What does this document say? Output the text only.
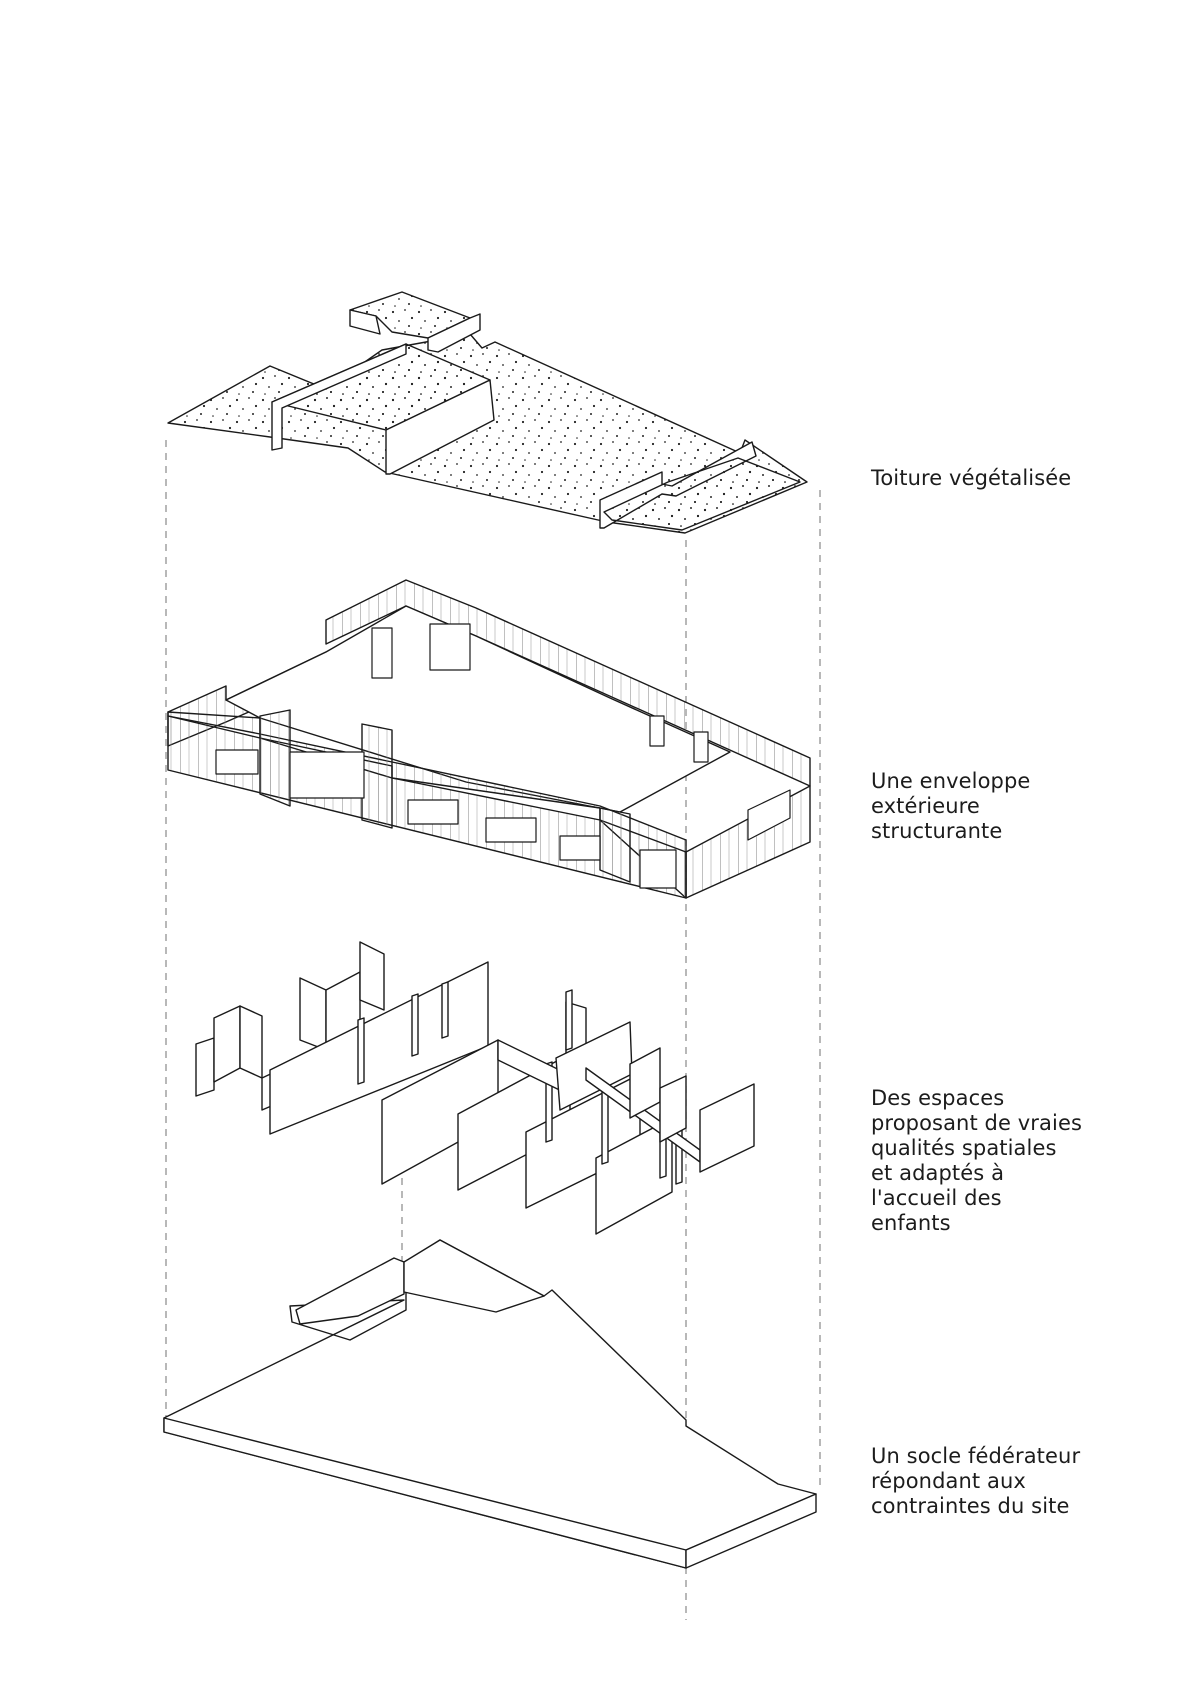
Toiture végétalisée

Une enveloppe
extérieure
structurante

Des espaces
proposant de vraies
qualités spatiales
et adaptés à
l'accueil des
enfants

Un socle fédérateur
répondant aux
contraintes du site
